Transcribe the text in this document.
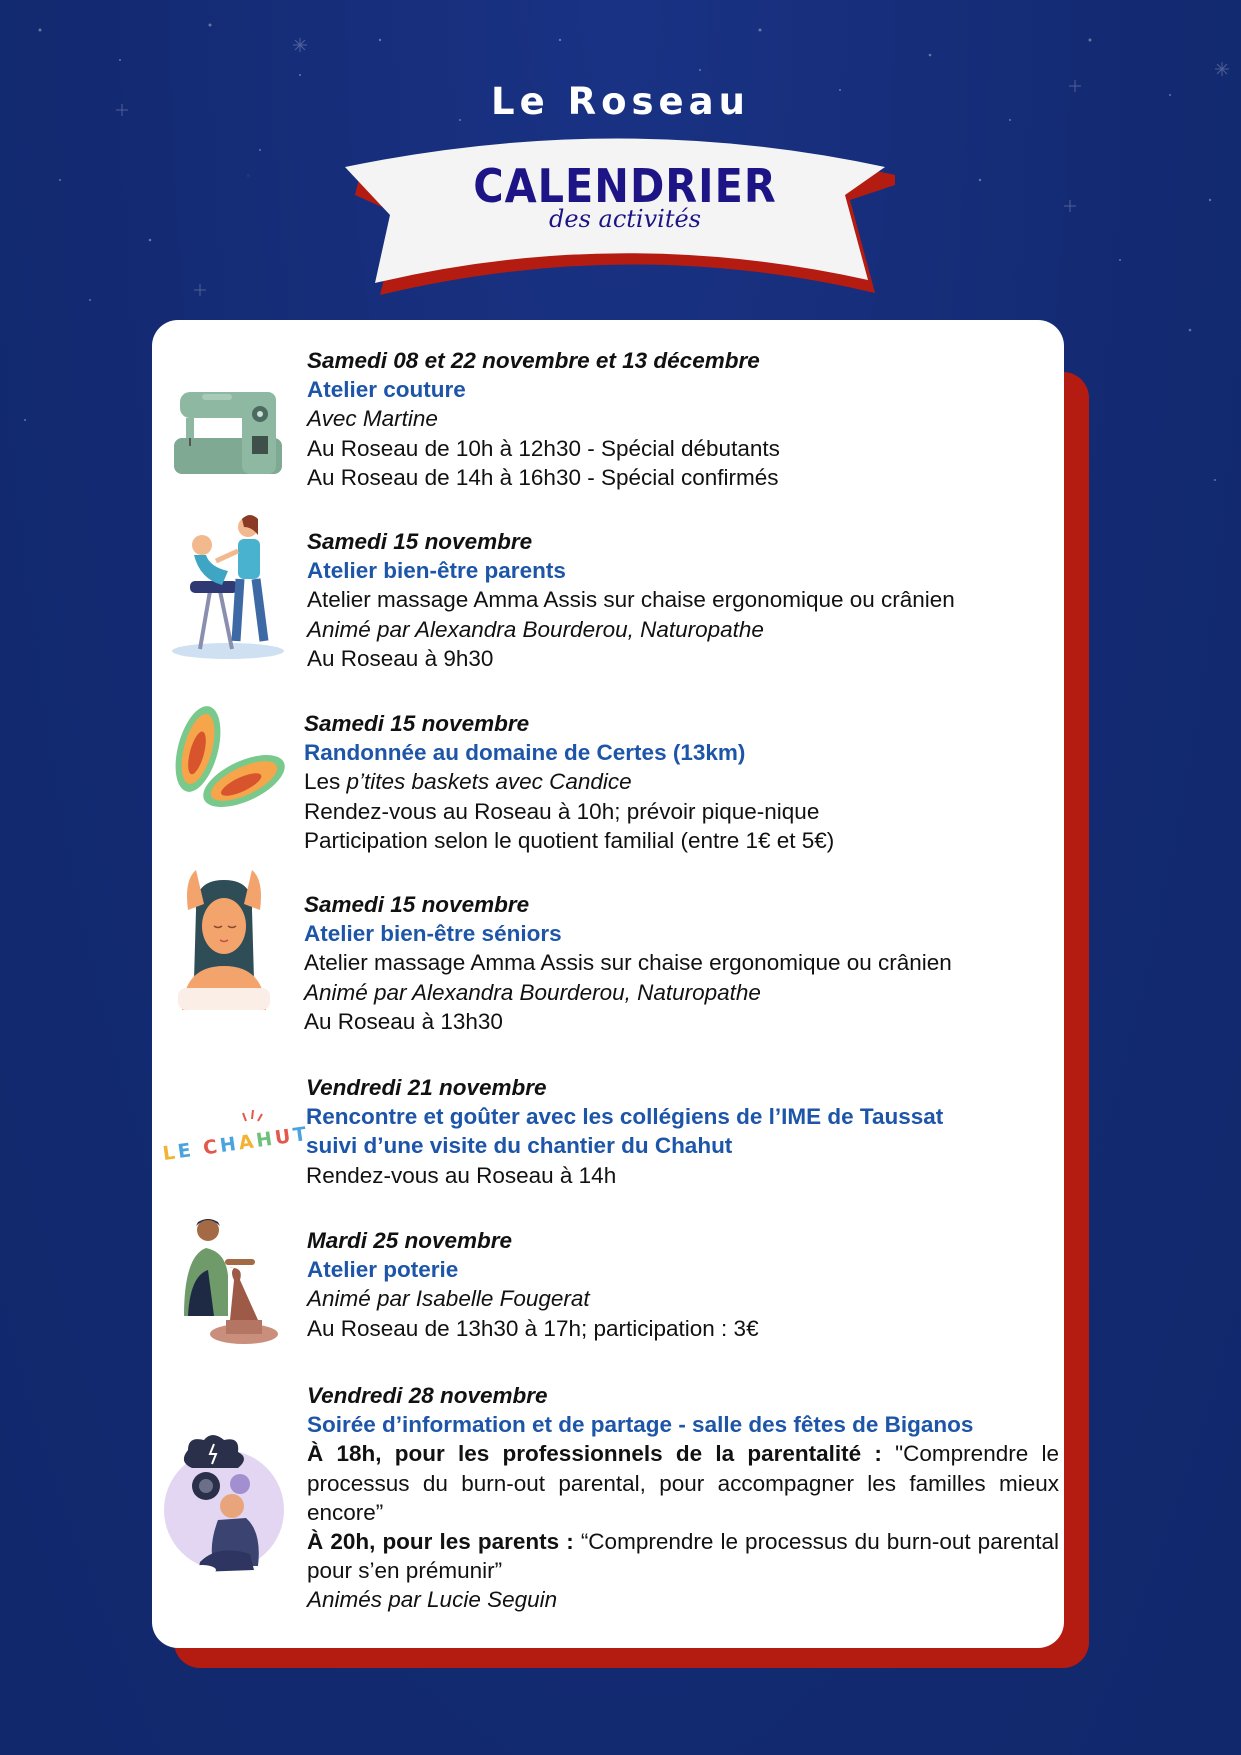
Le Roseau
CALENDRIER
des activités
Samedi 08 et 22 novembre et 13 décembre
Atelier couture
Avec Martine
Au Roseau de 10h à 12h30 - Spécial débutants
Au Roseau de 14h à 16h30 - Spécial confirmés
Samedi 15 novembre
Atelier bien-être parents
Atelier massage Amma Assis sur chaise ergonomique ou crânien
Animé par Alexandra Bourderou, Naturopathe
Au Roseau à 9h30
Samedi 15 novembre
Randonnée au domaine de Certes (13km)
Les p’tites baskets avec Candice
Rendez-vous au Roseau à 10h; prévoir pique-nique
Participation selon le quotient familial (entre 1€ et 5€)
Samedi 15 novembre
Atelier bien-être séniors
Atelier massage Amma Assis sur chaise ergonomique ou crânien
Animé par Alexandra Bourderou, Naturopathe
Au Roseau à 13h30
LE CHAHUT
Vendredi 21 novembre
Rencontre et goûter avec les collégiens de l’IME de Taussat
suivi d’une visite du chantier du Chahut
Rendez-vous au Roseau à 14h
Mardi 25 novembre
Atelier poterie
Animé par Isabelle Fougerat
Au Roseau de 13h30 à 17h; participation : 3€
Vendredi 28 novembre
Soirée d’information et de partage - salle des fêtes de Biganos
À 18h, pour les professionnels de la parentalité : "Comprendre le processus du burn-out parental, pour accompagner les familles mieux encore”
À 20h, pour les parents : “Comprendre le processus du burn-out parental pour s’en prémunir”
Animés par Lucie Seguin
